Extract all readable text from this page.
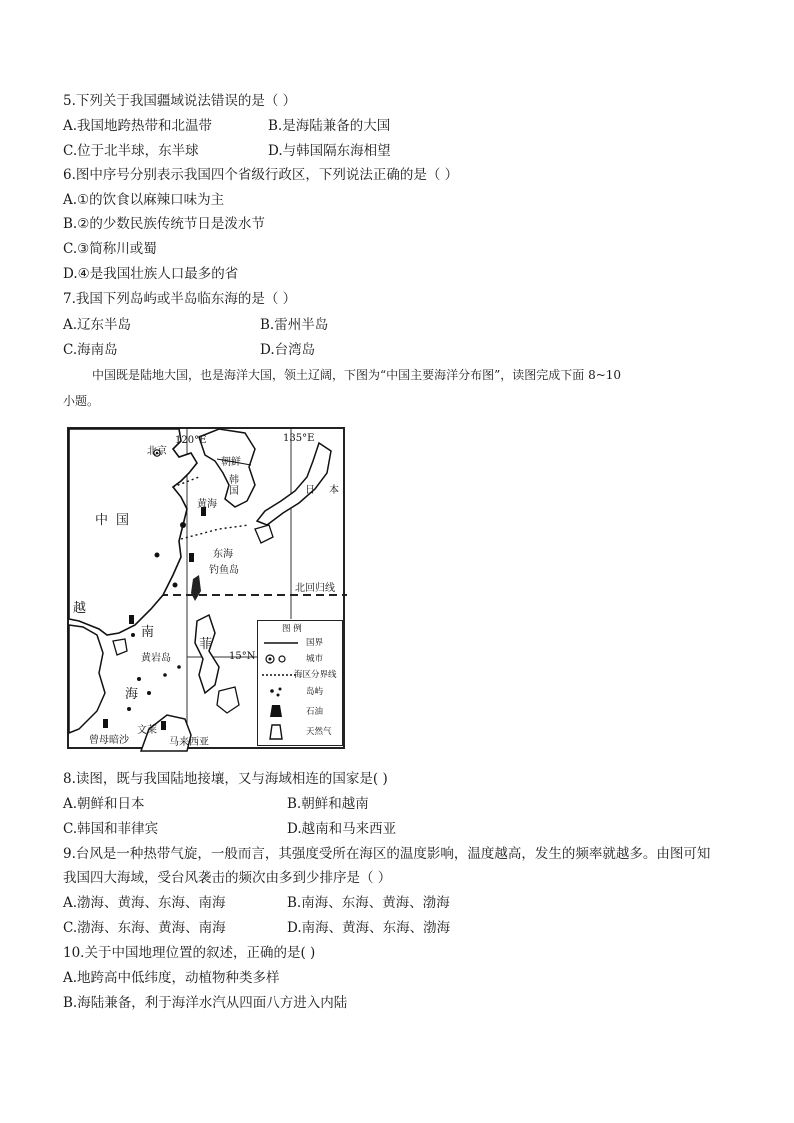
5.下列关于我国疆域说法错误的是（ ）
A.我国地跨热带和北温带	B.是海陆兼备的大国
C.位于北半球，东半球	D.与韩国隔东海相望
6.图中序号分别表示我国四个省级行政区，下列说法正确的是（ ）
A.①的饮食以麻辣口味为主
B.②的少数民族传统节日是泼水节
C.③简称川或蜀
D.④是我国壮族人口最多的省
7.我国下列岛屿或半岛临东海的是（ ）
A.辽东半岛	B.雷州半岛
C.海南岛	D.台湾岛
中国既是陆地大国，也是海洋大国，领土辽阔，下图为“中国主要海洋分布图”，读图完成下面 8~10
小题。
120°E	135°E
北京
朝鲜
韩国
中国
黄海
东海
钓鱼岛
日本
北回归线
越
南
海
黄岩岛
菲
曾母暗沙
文莱
马来西亚
15°N
图 例
国界
城市
海区分界线
岛屿
石油
天然气
8.读图，既与我国陆地接壤，又与海域相连的国家是( )
A.朝鲜和日本	B.朝鲜和越南
C.韩国和菲律宾	D.越南和马来西亚
9.台风是一种热带气旋，一般而言，其强度受所在海区的温度影响，温度越高，发生的频率就越多。由图可知
我国四大海域，受台风袭击的频次由多到少排序是（ ）
A.渤海、黄海、东海、南海	B.南海、东海、黄海、渤海
C.渤海、东海、黄海、南海	D.南海、黄海、东海、渤海
10.关于中国地理位置的叙述，正确的是( )
A.地跨高中低纬度，动植物种类多样
B.海陆兼备，利于海洋水汽从四面八方进入内陆
